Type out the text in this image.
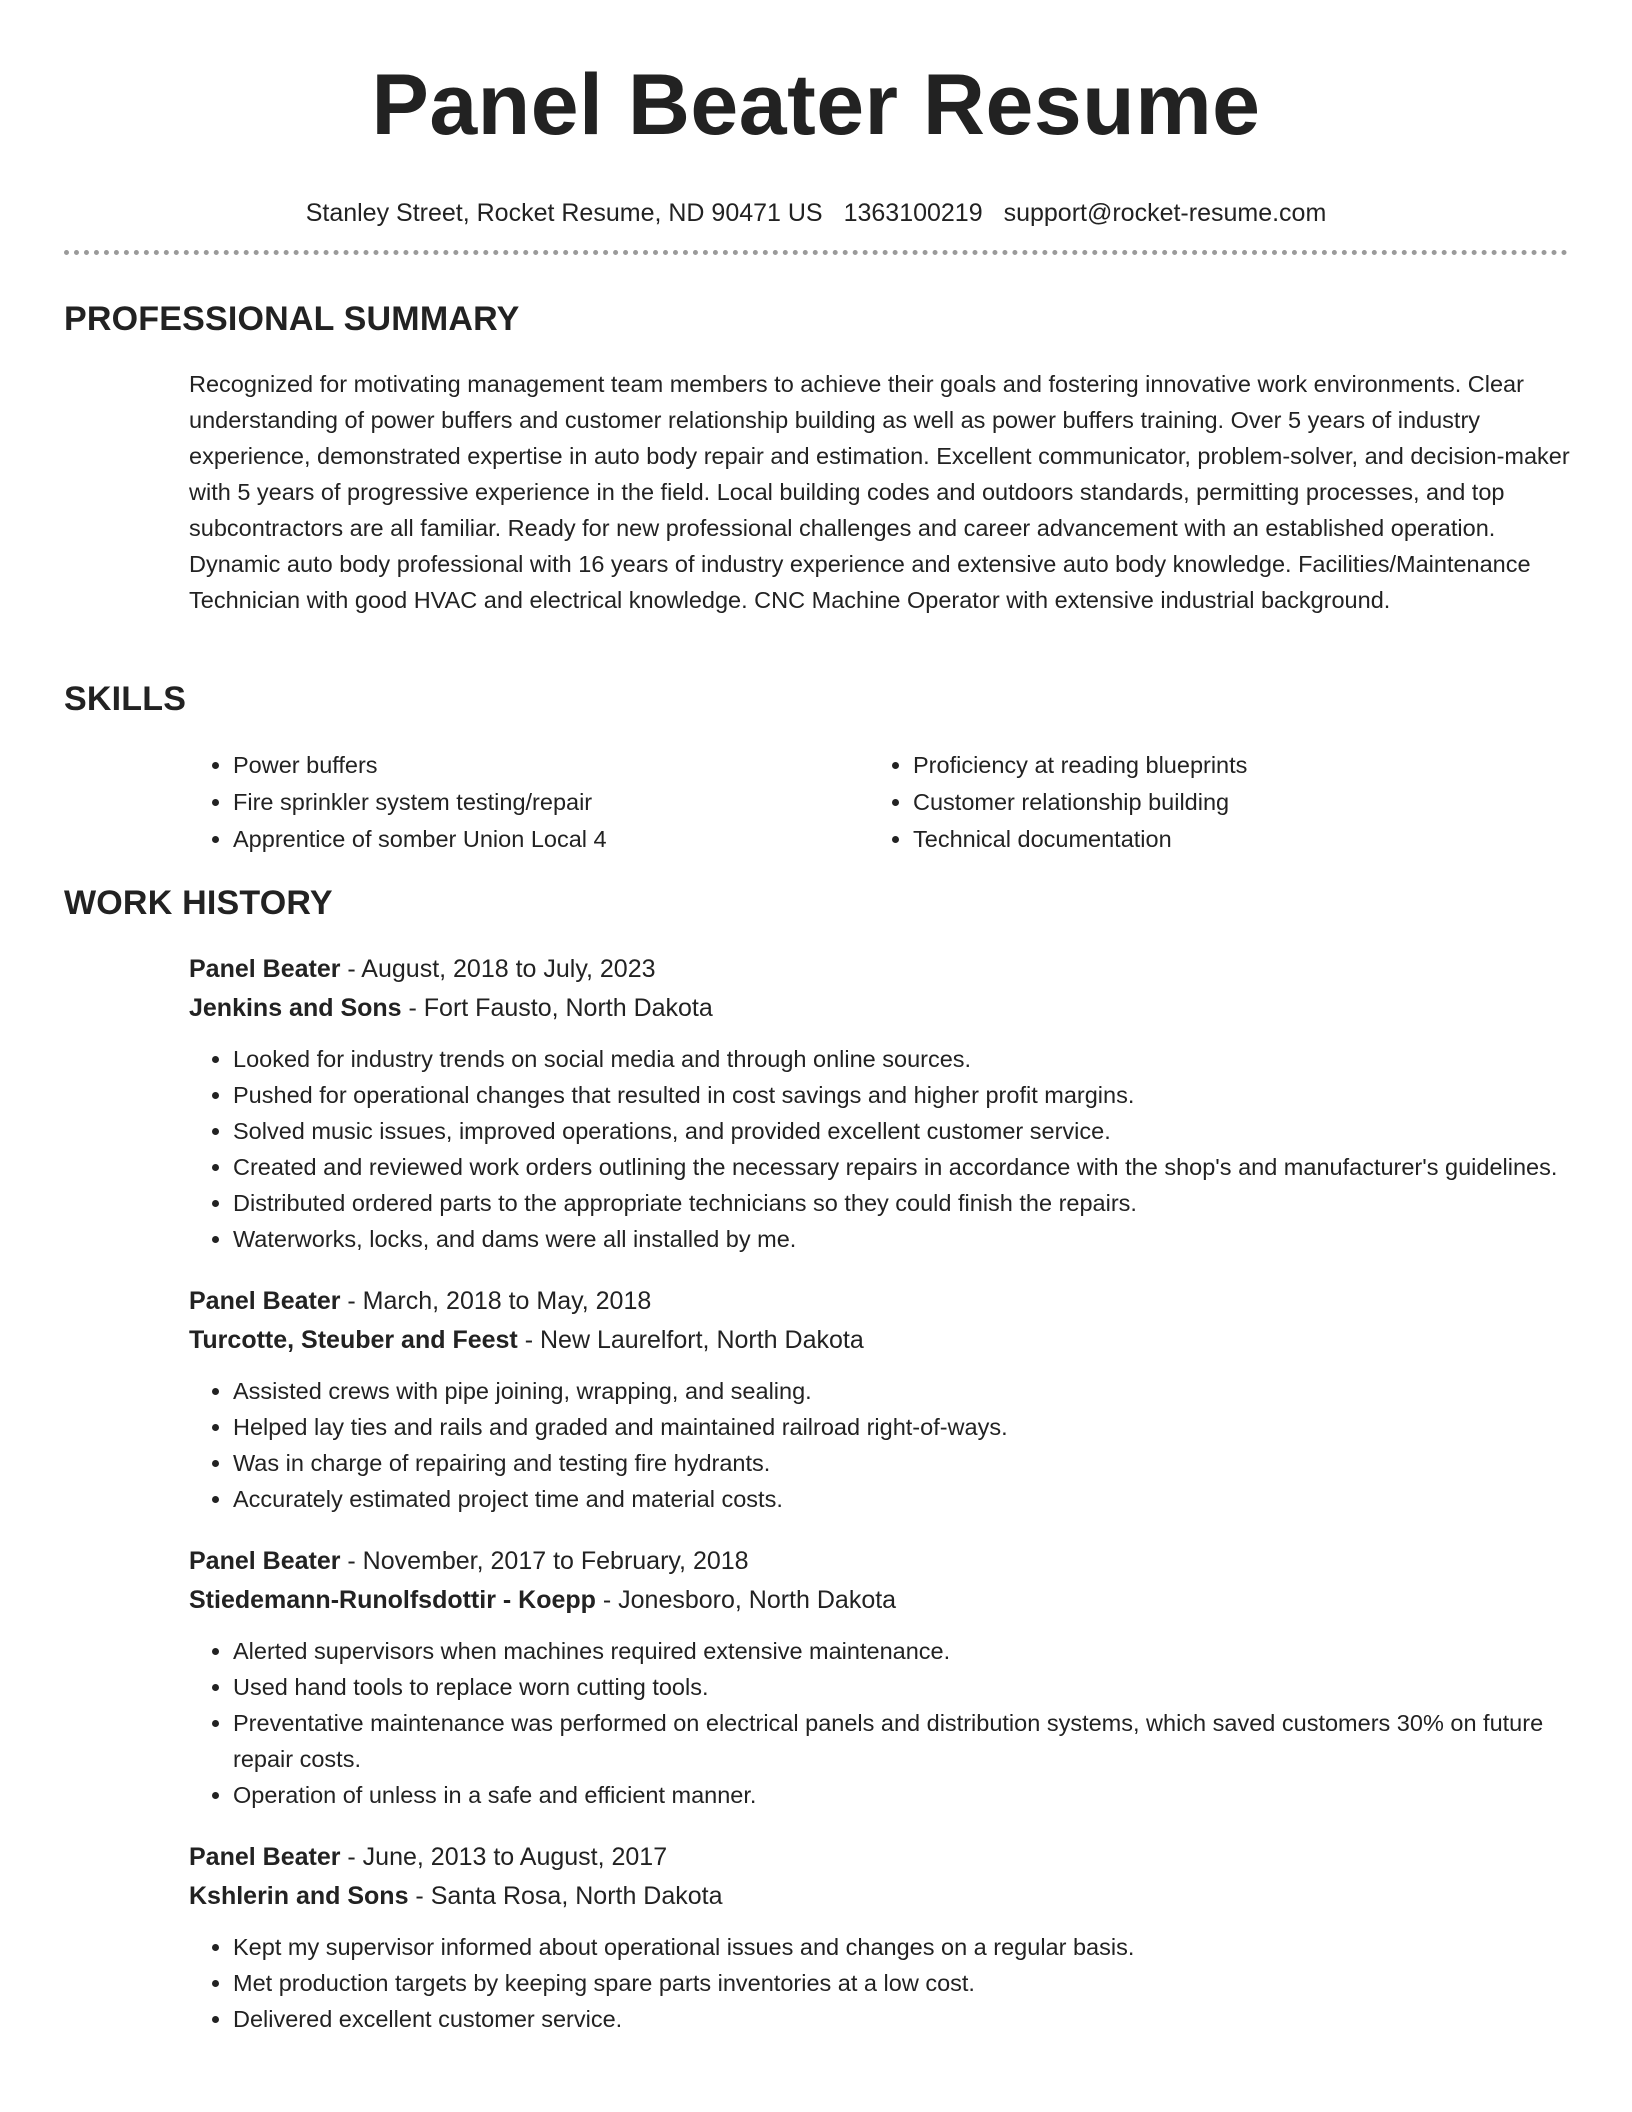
Panel Beater Resume
Stanley Street, Rocket Resume, ND 90471 US 1363100219 support@rocket-resume.com
PROFESSIONAL SUMMARY

Recognized for motivating management team members to achieve their goals and fostering innovative work environments. Clear understanding of power buffers and customer relationship building as well as power buffers training. Over 5 years of industry experience, demonstrated expertise in auto body repair and estimation. Excellent communicator, problem-solver, and decision-maker with 5 years of progressive experience in the field. Local building codes and outdoors standards, permitting processes, and top subcontractors are all familiar. Ready for new professional challenges and career advancement with an established operation. Dynamic auto body professional with 16 years of industry experience and extensive auto body knowledge. Facilities/Maintenance Technician with good HVAC and electrical knowledge. CNC Machine Operator with extensive industrial background.

SKILLS
• Power buffers
• Fire sprinkler system testing/repair
• Apprentice of somber Union Local 4
• Proficiency at reading blueprints
• Customer relationship building
• Technical documentation
WORK HISTORY
Panel Beater - August, 2018 to July, 2023
Jenkins and Sons - Fort Fausto, North Dakota
• Looked for industry trends on social media and through online sources.
• Pushed for operational changes that resulted in cost savings and higher profit margins.
• Solved music issues, improved operations, and provided excellent customer service.
• Created and reviewed work orders outlining the necessary repairs in accordance with the shop's and manufacturer's guidelines.
• Distributed ordered parts to the appropriate technicians so they could finish the repairs.
• Waterworks, locks, and dams were all installed by me.
Panel Beater - March, 2018 to May, 2018
Turcotte, Steuber and Feest - New Laurelfort, North Dakota
• Assisted crews with pipe joining, wrapping, and sealing.
• Helped lay ties and rails and graded and maintained railroad right-of-ways.
• Was in charge of repairing and testing fire hydrants.
• Accurately estimated project time and material costs.
Panel Beater - November, 2017 to February, 2018
Stiedemann-Runolfsdottir - Koepp - Jonesboro, North Dakota
• Alerted supervisors when machines required extensive maintenance.
• Used hand tools to replace worn cutting tools.
• Preventative maintenance was performed on electrical panels and distribution systems, which saved customers 30% on future repair costs.
• Operation of unless in a safe and efficient manner.
Panel Beater - June, 2013 to August, 2017
Kshlerin and Sons - Santa Rosa, North Dakota
• Kept my supervisor informed about operational issues and changes on a regular basis.
• Met production targets by keeping spare parts inventories at a low cost.
• Delivered excellent customer service.
